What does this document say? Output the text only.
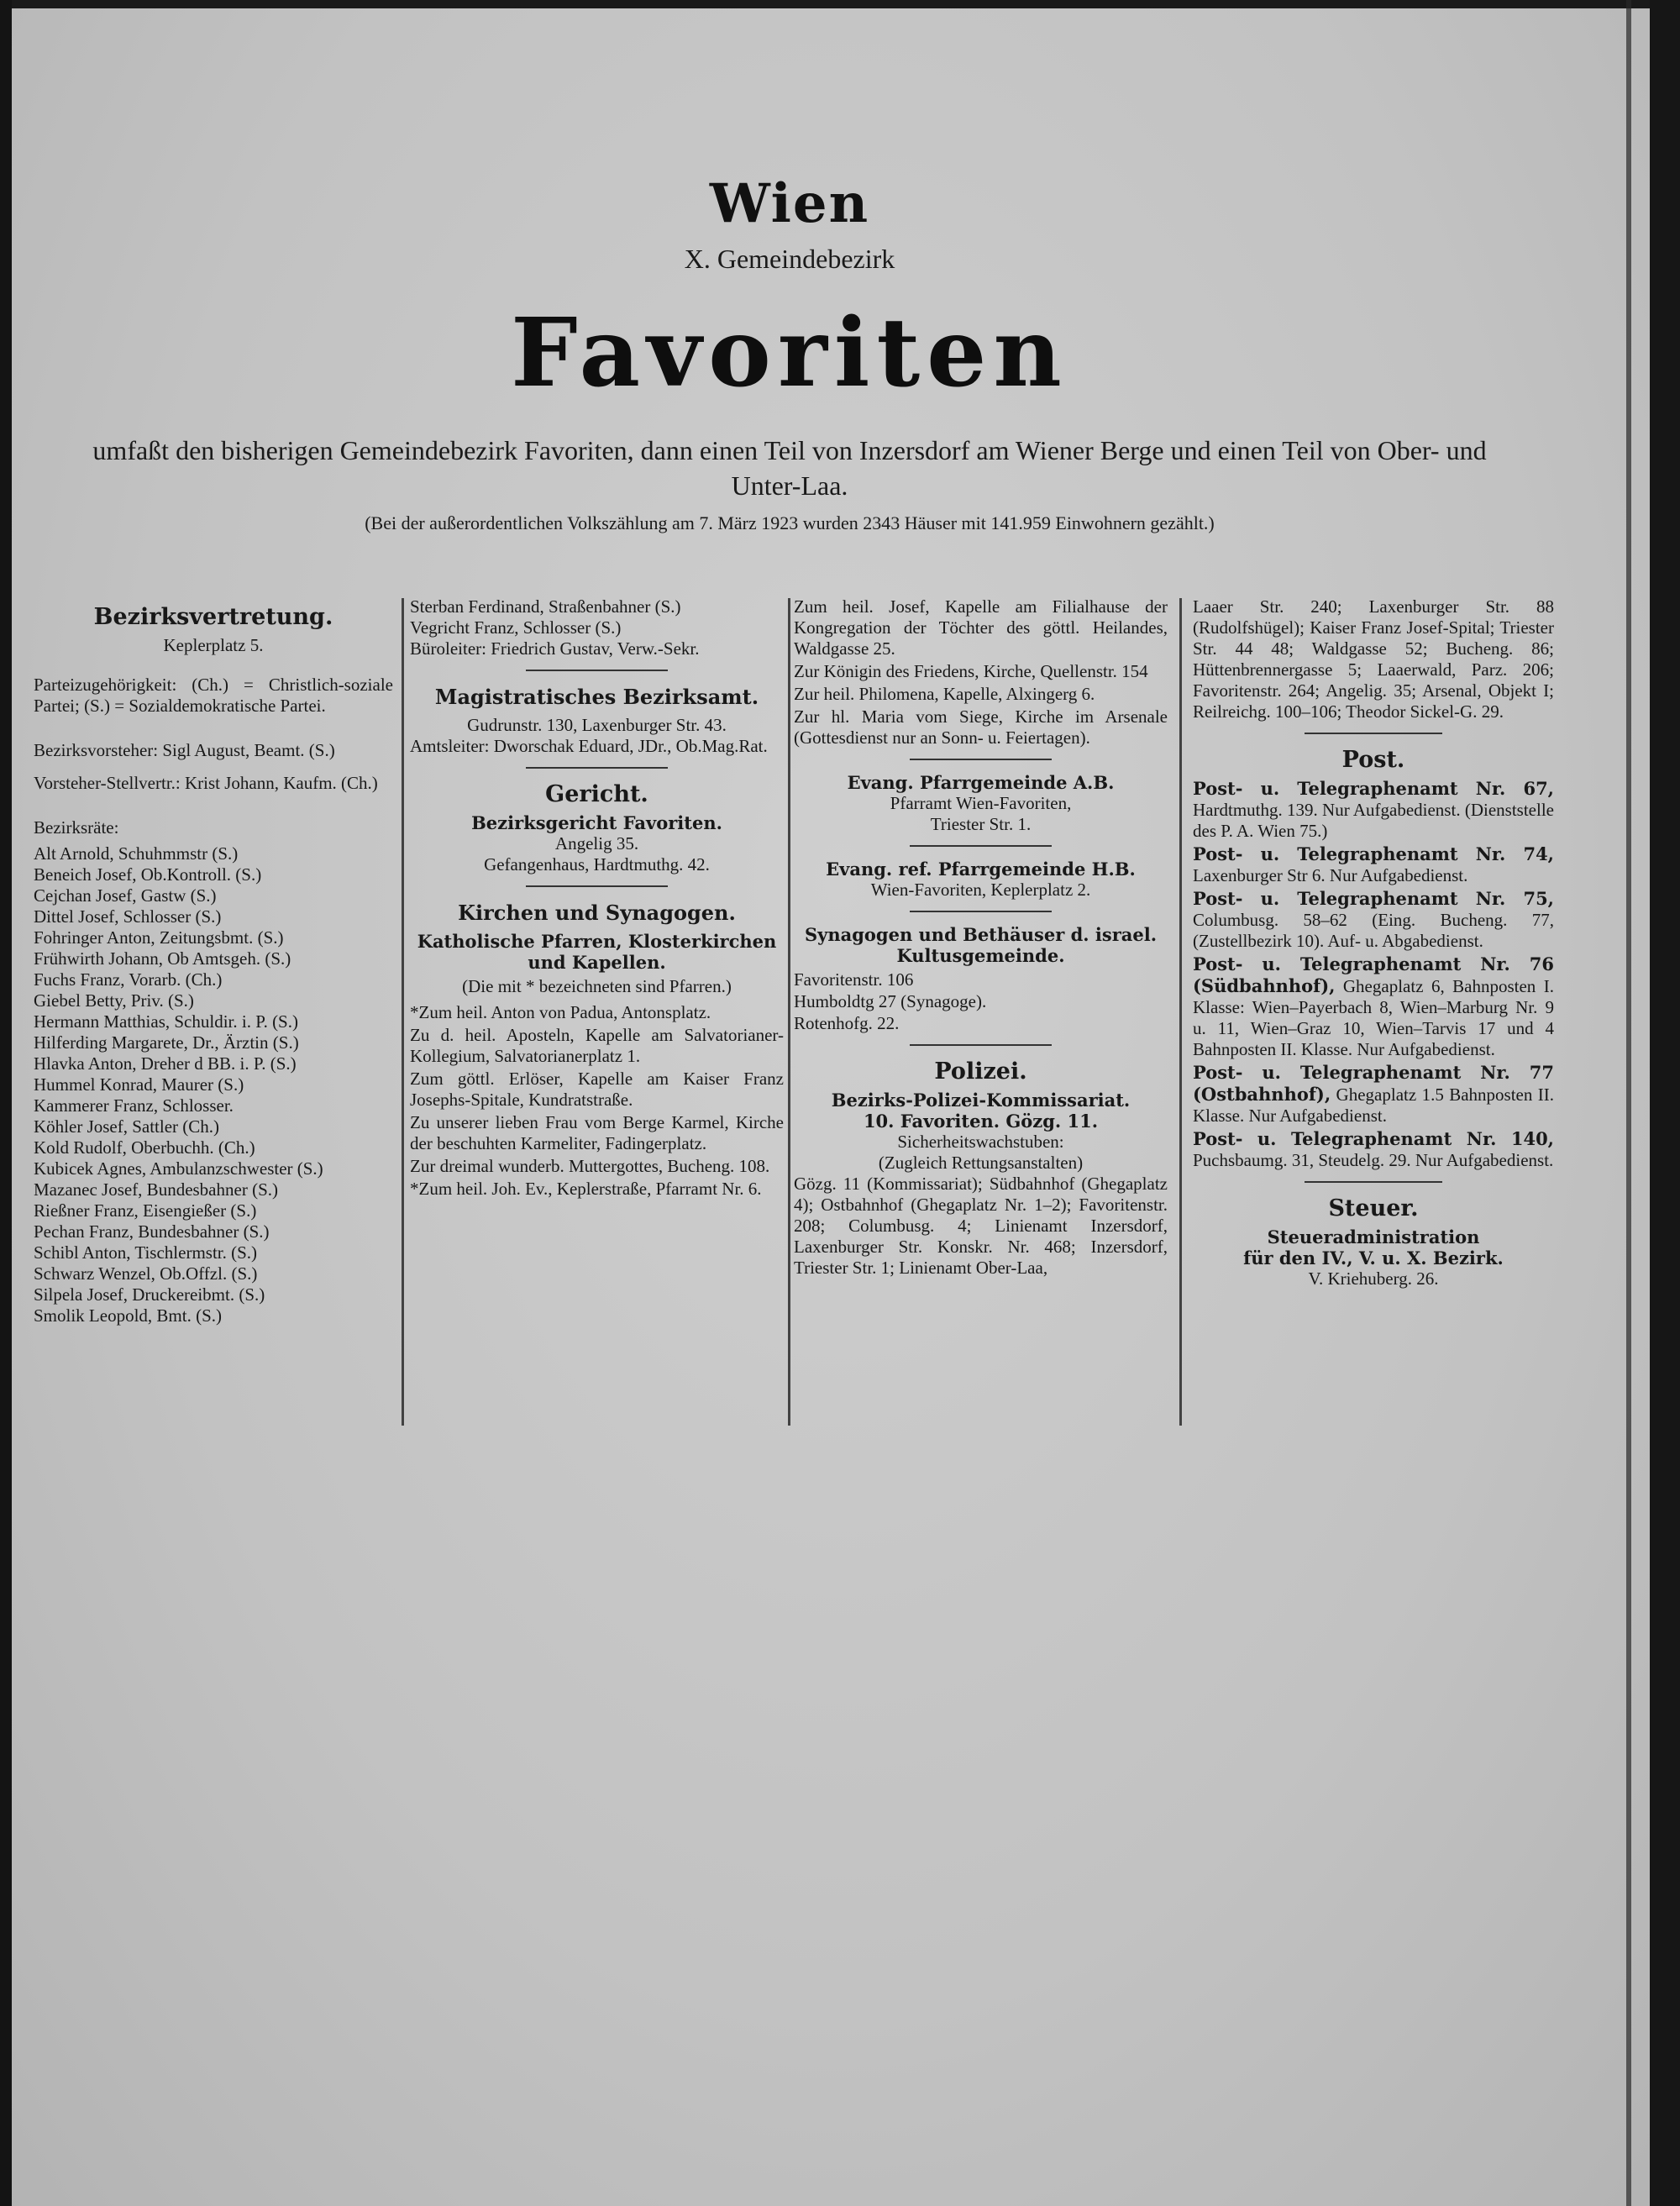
Wien
X. Gemeindebezirk
Favoriten
umfaßt den bisherigen Gemeindebezirk Favoriten, dann einen Teil von Inzersdorf am Wiener Berge und einen Teil von Ober- und Unter-Laa.
(Bei der außerordentlichen Volkszählung am 7. März 1923 wurden 2343 Häuser mit 141.959 Einwohnern gezählt.)
Bezirksvertretung.
Keplerplatz 5.
Parteizugehörigkeit: (Ch.) = Christlich-soziale Partei; (S.) = Sozialdemokratische Partei.
Bezirksvorsteher: Sigl August, Beamt. (S.)
Vorsteher-Stellvertr.: Krist Johann, Kaufm. (Ch.)
Bezirksräte:
Alt Arnold, Schuhmmstr (S.)
Beneich Josef, Ob.Kontroll. (S.)
Cejchan Josef, Gastw (S.)
Dittel Josef, Schlosser (S.)
Fohringer Anton, Zeitungsbmt. (S.)
Frühwirth Johann, Ob Amtsgeh. (S.)
Fuchs Franz, Vorarb. (Ch.)
Giebel Betty, Priv. (S.)
Hermann Matthias, Schuldir. i. P. (S.)
Hilferding Margarete, Dr., Ärztin (S.)
Hlavka Anton, Dreher d BB. i. P. (S.)
Hummel Konrad, Maurer (S.)
Kammerer Franz, Schlosser.
Köhler Josef, Sattler (Ch.)
Kold Rudolf, Oberbuchh. (Ch.)
Kubicek Agnes, Ambulanzschwester (S.)
Mazanec Josef, Bundesbahner (S.)
Rießner Franz, Eisengießer (S.)
Pechan Franz, Bundesbahner (S.)
Schibl Anton, Tischlermstr. (S.)
Schwarz Wenzel, Ob.Offzl. (S.)
Silpela Josef, Druckereibmt. (S.)
Smolik Leopold, Bmt. (S.)
Sterban Ferdinand, Straßenbahner (S.)
Vegricht Franz, Schlosser (S.)
Büroleiter: Friedrich Gustav, Verw.-Sekr.
Magistratisches Bezirksamt.
Gudrunstr. 130, Laxenburger Str. 43.
Amtsleiter: Dworschak Eduard, JDr., Ob.Mag.Rat.
Gericht.
Bezirksgericht Favoriten.
Angelig 35.
Gefangenhaus, Hardtmuthg. 42.
Kirchen und Synagogen.
Katholische Pfarren, Klosterkirchen und Kapellen.
(Die mit * bezeichneten sind Pfarren.)
*Zum heil. Anton von Padua, Antonsplatz.
Zu d. heil. Aposteln, Kapelle am Salvatorianer-Kollegium, Salvatorianerplatz 1.
Zum göttl. Erlöser, Kapelle am Kaiser Franz Josephs-Spitale, Kundratstraße.
Zu unserer lieben Frau vom Berge Karmel, Kirche der beschuhten Karmeliter, Fadingerplatz.
Zur dreimal wunderb. Muttergottes, Bucheng. 108.
*Zum heil. Joh. Ev., Keplerstraße, Pfarramt Nr. 6.
Zum heil. Josef, Kapelle am Filialhause der Kongregation der Töchter des göttl. Heilandes, Waldgasse 25.
Zur Königin des Friedens, Kirche, Quellenstr. 154
Zur heil. Philomena, Kapelle, Alxingerg 6.
Zur hl. Maria vom Siege, Kirche im Arsenale (Gottesdienst nur an Sonn- u. Feiertagen).
Evang. Pfarrgemeinde A.B.
Pfarramt Wien-Favoriten,
Triester Str. 1.
Evang. ref. Pfarrgemeinde H.B.
Wien-Favoriten, Keplerplatz 2.
Synagogen und Bethäuser d. israel. Kultusgemeinde.
Favoritenstr. 106
Humboldtg 27 (Synagoge).
Rotenhofg. 22.
Polizei.
Bezirks-Polizei-Kommissariat.
10. Favoriten. Gözg. 11.
Sicherheitswachstuben:
(Zugleich Rettungsanstalten)
Gözg. 11 (Kommissariat); Südbahnhof (Ghegaplatz 4); Ostbahnhof (Ghegaplatz Nr. 1–2); Favoritenstr. 208; Columbusg. 4; Linienamt Inzersdorf, Laxenburger Str. Konskr. Nr. 468; Inzersdorf, Triester Str. 1; Linienamt Ober-Laa,
Laaer Str. 240; Laxenburger Str. 88 (Rudolfshügel); Kaiser Franz Josef-Spital; Triester Str. 44 48; Waldgasse 52; Bucheng. 86; Hüttenbrennergasse 5; Laaerwald, Parz. 206; Favoritenstr. 264; Angelig. 35; Arsenal, Objekt I; Reilreichg. 100–106; Theodor Sickel-G. 29.
Post.
Post- u. Telegraphenamt Nr. 67, Hardtmuthg. 139. Nur Aufgabedienst. (Dienststelle des P. A. Wien 75.)
Post- u. Telegraphenamt Nr. 74, Laxenburger Str 6. Nur Aufgabedienst.
Post- u. Telegraphenamt Nr. 75, Columbusg. 58–62 (Eing. Bucheng. 77, (Zustellbezirk 10). Auf- u. Abgabedienst.
Post- u. Telegraphenamt Nr. 76 (Südbahnhof), Ghegaplatz 6, Bahnposten I. Klasse: Wien–Payerbach 8, Wien–Marburg Nr. 9 u. 11, Wien–Graz 10, Wien–Tarvis 17 und 4 Bahnposten II. Klasse. Nur Aufgabedienst.
Post- u. Telegraphenamt Nr. 77 (Ostbahnhof), Ghegaplatz 1.5 Bahnposten II. Klasse. Nur Aufgabedienst.
Post- u. Telegraphenamt Nr. 140, Puchsbaumg. 31, Steudelg. 29. Nur Aufgabedienst.
Steuer.
Steueradministration
für den IV., V. u. X. Bezirk.
V. Kriehuberg. 26.
